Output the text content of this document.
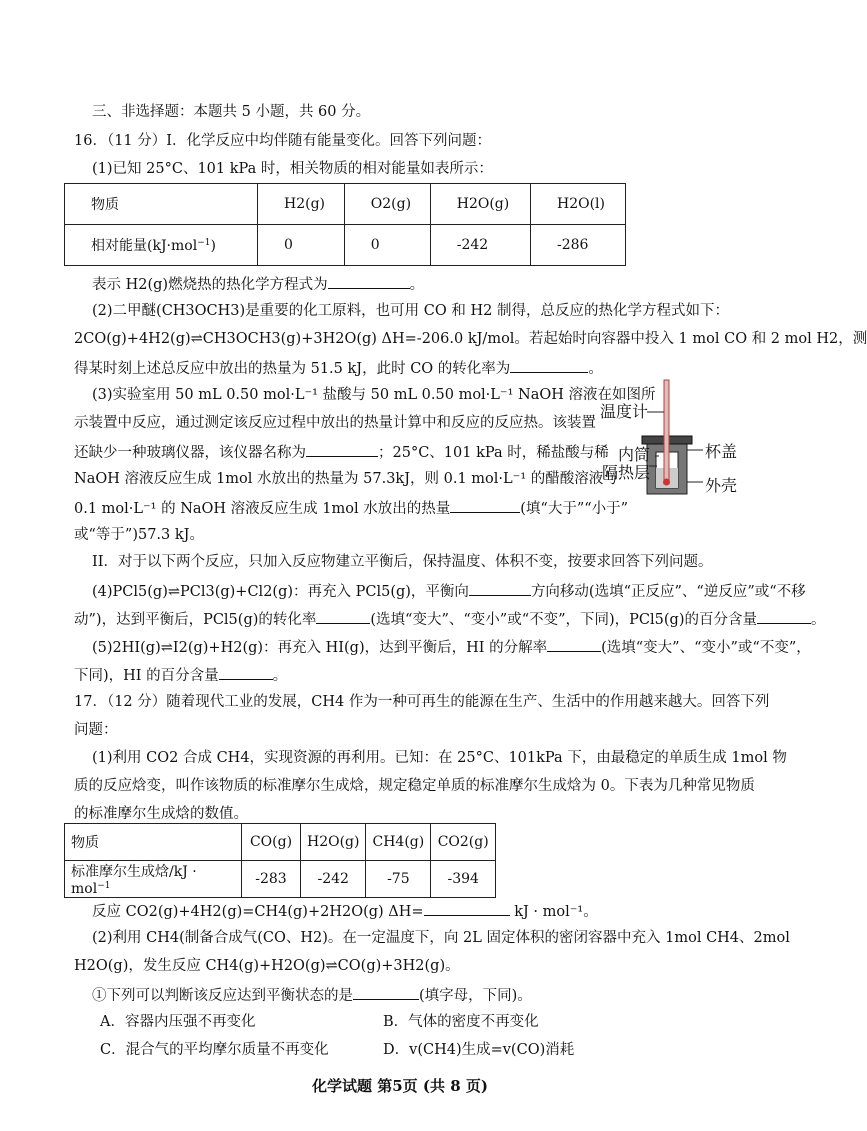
三、非选择题：本题共 5 小题，共 60 分。
16．（11 分）I．化学反应中均伴随有能量变化。回答下列问题：
(1)已知 25°C、101 kPa 时，相关物质的相对能量如表所示：
物质	H2(g)	O2(g)	H2O(g)	H2O(l)
相对能量(kJ·mol$^{-1}$)	0	0	-242	-286
表示 H2(g)燃烧热的热化学方程式为	。
(2)二甲醚(CH3OCH3)是重要的化工原料，也可用 CO 和 H2 制得，总反应的热化学方程式如下：
2CO(g)+4H2(g)⇌CH3OCH3(g)+3H2O(g) ΔH=-206.0 kJ/mol。若起始时向容器中投入 1 mol CO 和 2 mol H2，测
得某时刻上述总反应中放出的热量为 51.5 kJ，此时 CO 的转化率为	。
(3)实验室用 50 mL 0.50 mol·L⁻¹ 盐酸与 50 mL 0.50 mol·L⁻¹ NaOH 溶液在如图所
示装置中反应，通过测定该反应过程中放出的热量计算中和反应的反应热。该装置
还缺少一种玻璃仪器，该仪器名称为	；25°C、101 kPa 时，稀盐酸与稀
NaOH 溶液反应生成 1mol 水放出的热量为 57.3kJ，则 0.1 mol·L⁻¹ 的醋酸溶液与
0.1 mol·L⁻¹ 的 NaOH 溶液反应生成 1mol 水放出的热量	(填“大于”“小于”
或“等于”)57.3 kJ。
温度计
内筒	杯盖
隔热层
外壳
II．对于以下两个反应，只加入反应物建立平衡后，保持温度、体积不变，按要求回答下列问题。
(4)PCl5(g)⇌PCl3(g)+Cl2(g)：再充入 PCl5(g)，平衡向	方向移动(选填“正反应”、“逆反应”或“不移
动”)，达到平衡后，PCl5(g)的转化率	(选填“变大”、“变小”或“不变”，下同)，PCl5(g)的百分含量	。
(5)2HI(g)⇌I2(g)+H2(g)：再充入 HI(g)，达到平衡后，HI 的分解率	(选填“变大”、“变小”或“不变”，
下同)，HI 的百分含量	。
17．（12 分）随着现代工业的发展，CH4 作为一种可再生的能源在生产、生活中的作用越来越大。回答下列
问题：
(1)利用 CO2 合成 CH4，实现资源的再利用。已知：在 25°C、101kPa 下，由最稳定的单质生成 1mol 物
质的反应焓变，叫作该物质的标准摩尔生成焓，规定稳定单质的标准摩尔生成焓为 0。下表为几种常见物质
的标准摩尔生成焓的数值。
物质	CO(g)	H2O(g)	CH4(g)	CO2(g)
标准摩尔生成焓/kJ · mol$^{-1}$	-283	-242	-75	-394
反应 CO2(g)+4H2(g)=CH4(g)+2H2O(g) ΔH=	kJ · mol⁻¹。
(2)利用 CH4(制备合成气(CO、H2)。在一定温度下，向 2L 固定体积的密闭容器中充入 1mol CH4、2mol
H2O(g)，发生反应 CH4(g)+H2O(g)⇌CO(g)+3H2(g)。
①下列可以判断该反应达到平衡状态的是	(填字母，下同)。
A．容器内压强不再变化	B．气体的密度不再变化
C．混合气的平均摩尔质量不再变化	D．v(CH4)生成=v(CO)消耗
化学试题 第5页 (共 8 页)
